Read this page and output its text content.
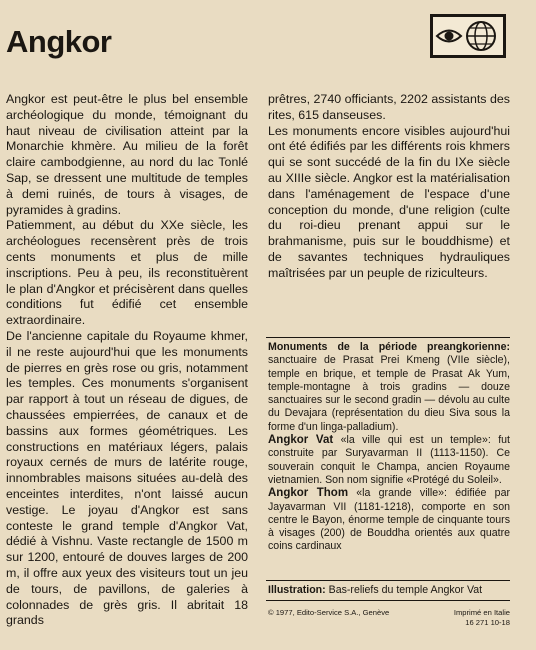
Angkor

Angkor est peut-être le plus bel ensemble archéologique du monde, témoignant du haut niveau de civilisation atteint par la Monarchie khmère. Au milieu de la forêt claire cambodgienne, au nord du lac Tonlé Sap, se dressent une multitude de temples à demi ruinés, de tours à visages, de pyramides à gradins.

Patiemment, au début du XXe siècle, les archéologues recensèrent près de trois cents monuments et plus de mille inscriptions. Peu à peu, ils reconstituèrent le plan d'Angkor et précisèrent dans quelles conditions fut édifié cet ensemble extraordinaire.

De l'ancienne capitale du Royaume khmer, il ne reste aujourd'hui que les monuments de pierres en grès rose ou gris, notamment les temples. Ces monuments s'organisent par rapport à tout un réseau de digues, de chaussées empierrées, de canaux et de bassins aux formes géométriques. Les constructions en matériaux légers, palais royaux cernés de murs de latérite rouge, innombrables maisons situées au-delà des enceintes interdites, n'ont laissé aucun vestige. Le joyau d'Angkor est sans conteste le grand temple d'Angkor Vat, dédié à Vishnu. Vaste rectangle de 1500 m sur 1200, entouré de douves larges de 200 m, il offre aux yeux des visiteurs tout un jeu de tours, de pavillons, de galeries à colonnades de grès gris. Il abritait 18 grands

prêtres, 2740 officiants, 2202 assistants des rites, 615 danseuses.

Les monuments encore visibles aujourd'hui ont été édifiés par les différents rois khmers qui se sont succédé de la fin du IXe siècle au XIIIe siècle. Angkor est la matérialisation dans l'aménagement de l'espace d'une conception du monde, d'une religion (culte du roi-dieu prenant appui sur le brahmanisme, puis sur le bouddhisme) et de savantes techniques hydrauliques maîtrisées par un peuple de riziculteurs.

Monuments de la période preangkorienne: sanctuaire de Prasat Prei Kmeng (VIIe siècle), temple en brique, et temple de Prasat Ak Yum, temple-montagne à trois gradins — douze sanctuaires sur le second gradin — dévolu au culte du Devajara (représentation du dieu Siva sous la forme d'un linga-palladium).

Angkor Vat «la ville qui est un temple»: fut construite par Suryavarman II (1113-1150). Ce souverain conquit le Champa, ancien Royaume vietnamien. Son nom signifie «Protégé du Soleil».

Angkor Thom «la grande ville»: édifiée par Jayavarman VII (1181-1218), comporte en son centre le Bayon, énorme temple de cinquante tours à visages (200) de Bouddha orientés aux quatre coins cardinaux

Illustration: Bas-reliefs du temple Angkor Vat
© 1977, Edito-Service S.A., Genève	Imprimé en Italie
16 271 10-18
